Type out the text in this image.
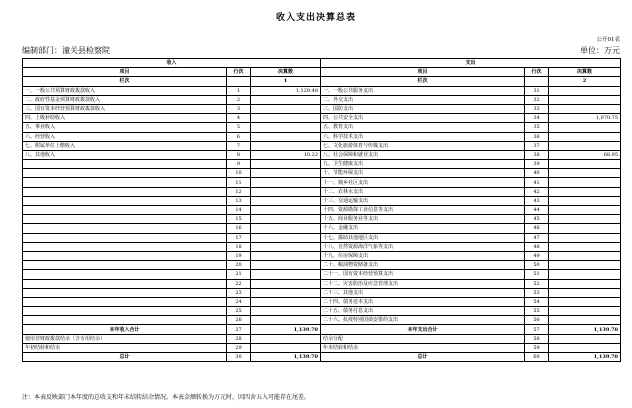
收入支出决算总表
公开01表
编制部门：潼关县检察院	单位：万元
收入			支出		
项目	行次	决算数	项目	行次	决算数
栏次		1	栏次		2
一、一般公共预算财政拨款收入	1	1,129.48	一、一般公共服务支出	31	
二、政府性基金预算财政拨款收入	2		二、外交支出	32	
三、国有资本经营预算财政拨款收入	3		三、国防支出	33	
四、上级补助收入	4		四、公共安全支出	34	1,070.75
五、事业收入	5		五、教育支出	35	
六、经营收入	6		六、科学技术支出	36	
七、附属单位上缴收入	7		七、文化旅游体育与传媒支出	37	
八、其他收入	8	10.22	八、社会保障和就业支出	38	68.95
	9		九、卫生健康支出	39	
	10		十、节能环保支出	40	
	11		十一、城乡社区支出	41	
	12		十二、农林水支出	42	
	13		十三、交通运输支出	43	
	14		十四、资源勘探工业信息等支出	44	
	15		十五、商业服务业等支出	45	
	16		十六、金融支出	46	
	17		十七、援助其他地区支出	47	
	18		十八、自然资源海洋气象等支出	48	
	19		十九、住房保障支出	49	
	20		二十、粮油物资储备支出	50	
	21		二十一、国有资本经营预算支出	51	
	22		二十二、灾害防治及应急管理支出	52	
	23		二十三、其他支出	53	
	24		二十四、债务还本支出	54	
	25		二十五、债务付息支出	55	
	26		二十六、抗疫特别国债安排的支出	56	
本年收入合计	27	1,139.70	本年支出合计	57	1,139.70
使用非财政拨款结余（含专用结余）	28		结余分配	58	
年初结转和结余	29		年末结转和结余	59	
总计	30	1,139.70	总计	60	1,139.70
注：本表反映部门本年度的总收支和年末结转结余情况。本表金额转换为万元时，因四舍五入可能存在尾差。
